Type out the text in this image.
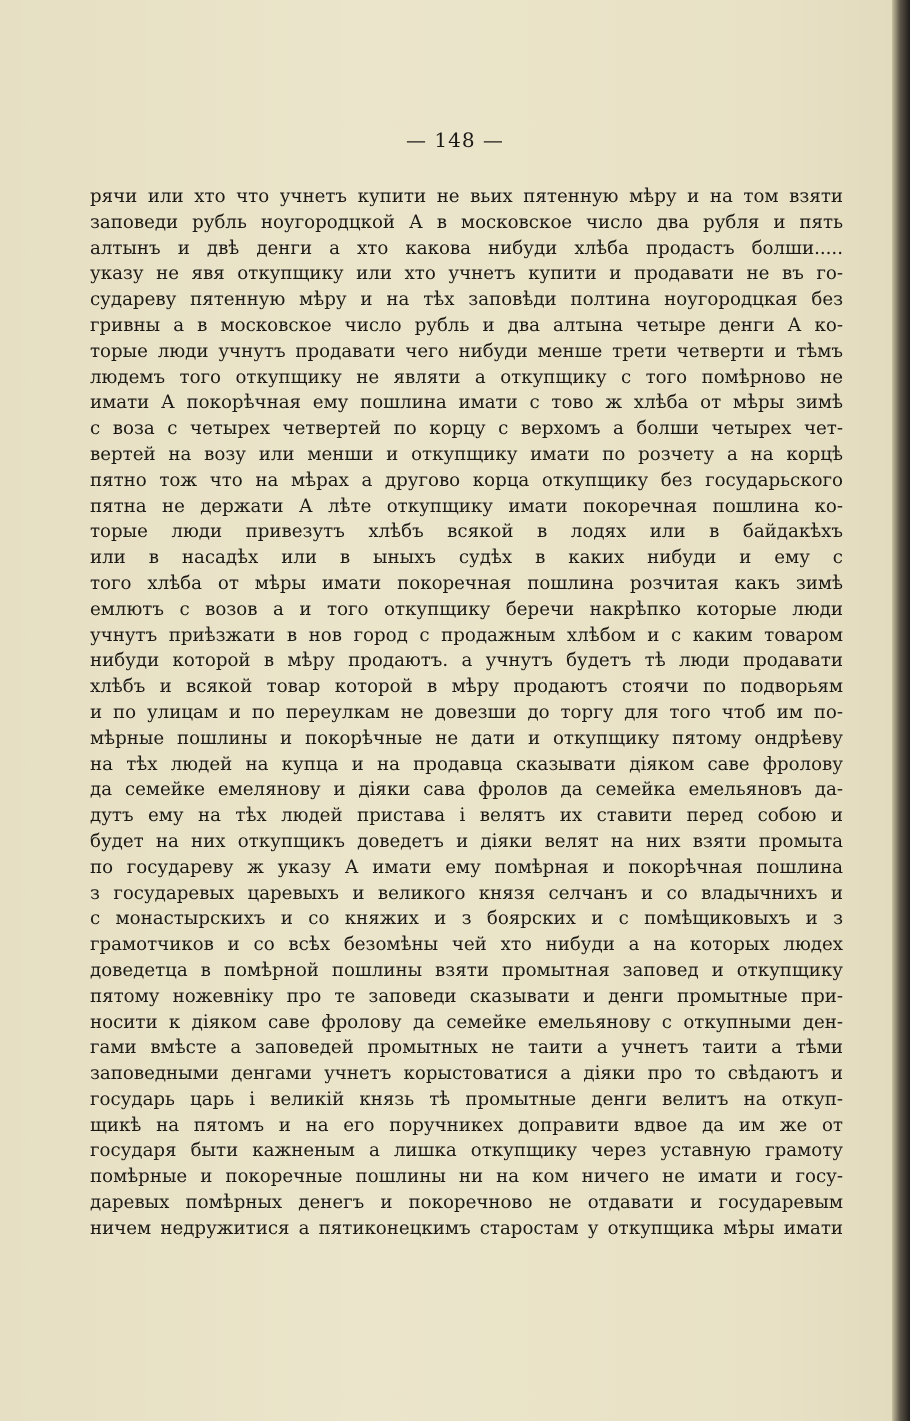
— 148 —
рячи или хто что учнетъ купити не вьих пятенную мѣру и на том взяти
заповеди рубль ноугородцкой А в московское число два рубля и пять
алтынъ и двѣ денги а хто какова нибуди хлѣба продастъ болши.....
указу не явя откупщику или хто учнетъ купити и продавати не въ го-
судареву пятенную мѣру и на тѣх заповѣди полтина ноугородцкая без
гривны а в московское число рубль и два алтына четыре денги А ко-
торые люди учнутъ продавати чего нибуди менше трети четверти и тѣмъ
людемъ того откупщику не являти а откупщику с того помѣрново не
имати А покорѣчная ему пошлина имати с тово ж хлѣба от мѣры зимѣ
с воза с четырех четвертей по корцу с верхомъ а болши четырех чет-
вертей на возу или менши и откупщику имати по розчету а на корцѣ
пятно тож что на мѣрах а другово корца откупщику без государьского
пятна не держати А лѣте откупщику имати покоречная пошлина ко-
торые люди привезутъ хлѣбъ всякой в лодях или в байдакѣхъ
или в насадѣх или в ыныхъ судѣх в каких нибуди и ему с
того хлѣба от мѣры имати покоречная пошлина розчитая какъ зимѣ
емлютъ с возов а и того откупщику беречи накрѣпко которые люди
учнутъ приѣзжати в нов город с продажным хлѣбом и с каким товаром
нибуди которой в мѣру продаютъ. а учнутъ будетъ тѣ люди продавати
хлѣбъ и всякой товар которой в мѣру продаютъ стоячи по подворьям
и по улицам и по переулкам не довезши до торгу для того чтоб им по-
мѣрные пошлины и покорѣчные не дати и откупщику пятому ондрѣеву
на тѣх людей на купца и на продавца сказывати діяком саве фролову
да семейке емелянову и діяки сава фролов да семейка емельяновъ да-
дутъ ему на тѣх людей пристава і велятъ их ставити перед собою и
будет на них откупщикъ доведетъ и діяки велят на них взяти промыта
по государеву ж указу А имати ему помѣрная и покорѣчная пошлина
з государевых царевыхъ и великого князя селчанъ и со владычнихъ и
с монастырскихъ и со княжих и з боярских и с помѣщиковыхъ и з
грамотчиков и со всѣх безомѣны чей хто нибуди а на которых людех
доведетца в помѣрной пошлины взяти промытная заповед и откупщику
пятому ножевніку про те заповеди сказывати и денги промытные при-
носити к діяком саве фролову да семейке емельянову с откупными ден-
гами вмѣсте а заповедей промытных не таити а учнетъ таити а тѣми
заповедными денгами учнетъ корыстоватися а діяки про то свѣдаютъ и
государь царь і великій князь тѣ промытные денги велитъ на откуп-
щикѣ на пятомъ и на его поручникех доправити вдвое да им же от
государя быти кажненым а лишка откупщику через уставную грамоту
помѣрные и покоречные пошлины ни на ком ничего не имати и госу-
даревых помѣрных денегъ и покоречново не отдавати и государевым
ничем недружитися а пятиконецкимъ старостам у откупщика мѣры имати
